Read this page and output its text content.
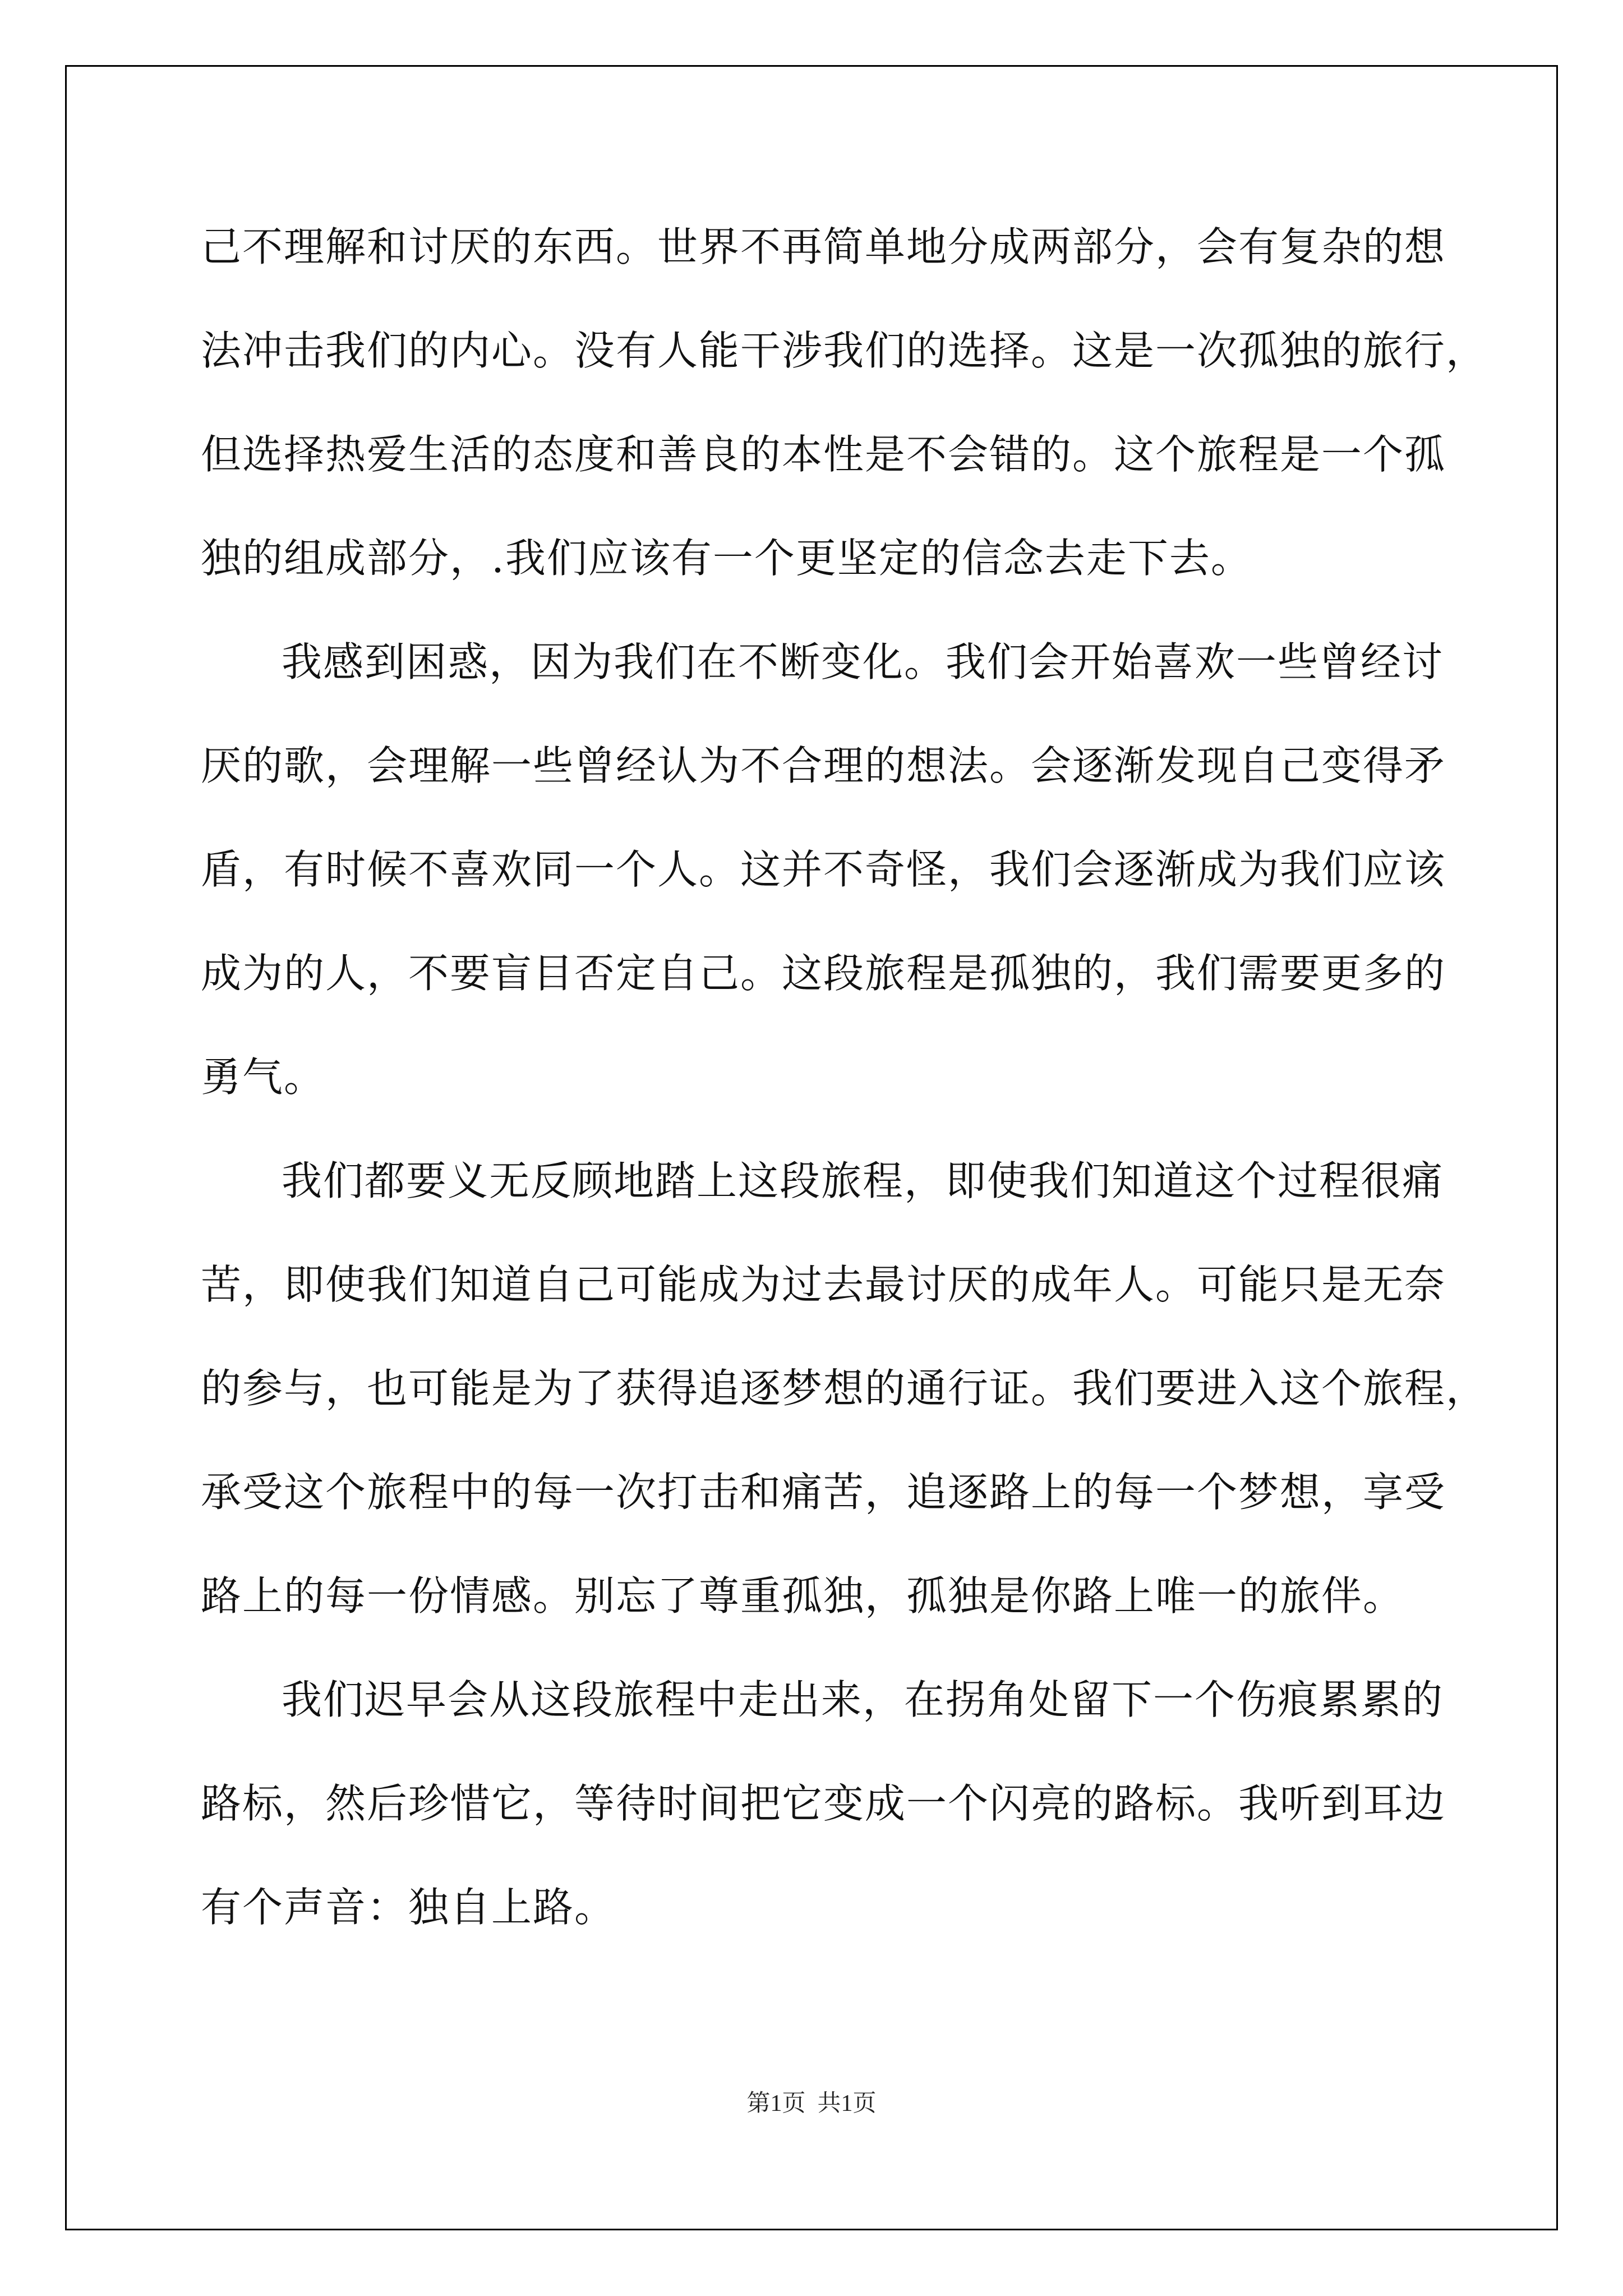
己不理解和讨厌的东西。世界不再简单地分成两部分，会有复杂的想

法冲击我们的内心。没有人能干涉我们的选择。这是一次孤独的旅行，

但选择热爱生活的态度和善良的本性是不会错的。这个旅程是一个孤

独的组成部分，.我们应该有一个更坚定的信念去走下去。

我感到困惑，因为我们在不断变化。我们会开始喜欢一些曾经讨

厌的歌，会理解一些曾经认为不合理的想法。会逐渐发现自己变得矛

盾，有时候不喜欢同一个人。这并不奇怪，我们会逐渐成为我们应该

成为的人，不要盲目否定自己。这段旅程是孤独的，我们需要更多的

勇气。

我们都要义无反顾地踏上这段旅程，即使我们知道这个过程很痛

苦，即使我们知道自己可能成为过去最讨厌的成年人。可能只是无奈

的参与，也可能是为了获得追逐梦想的通行证。我们要进入这个旅程，

承受这个旅程中的每一次打击和痛苦，追逐路上的每一个梦想，享受

路上的每一份情感。别忘了尊重孤独，孤独是你路上唯一的旅伴。

我们迟早会从这段旅程中走出来，在拐角处留下一个伤痕累累的

路标，然后珍惜它，等待时间把它变成一个闪亮的路标。我听到耳边

有个声音：独自上路。

第1页  共1页
